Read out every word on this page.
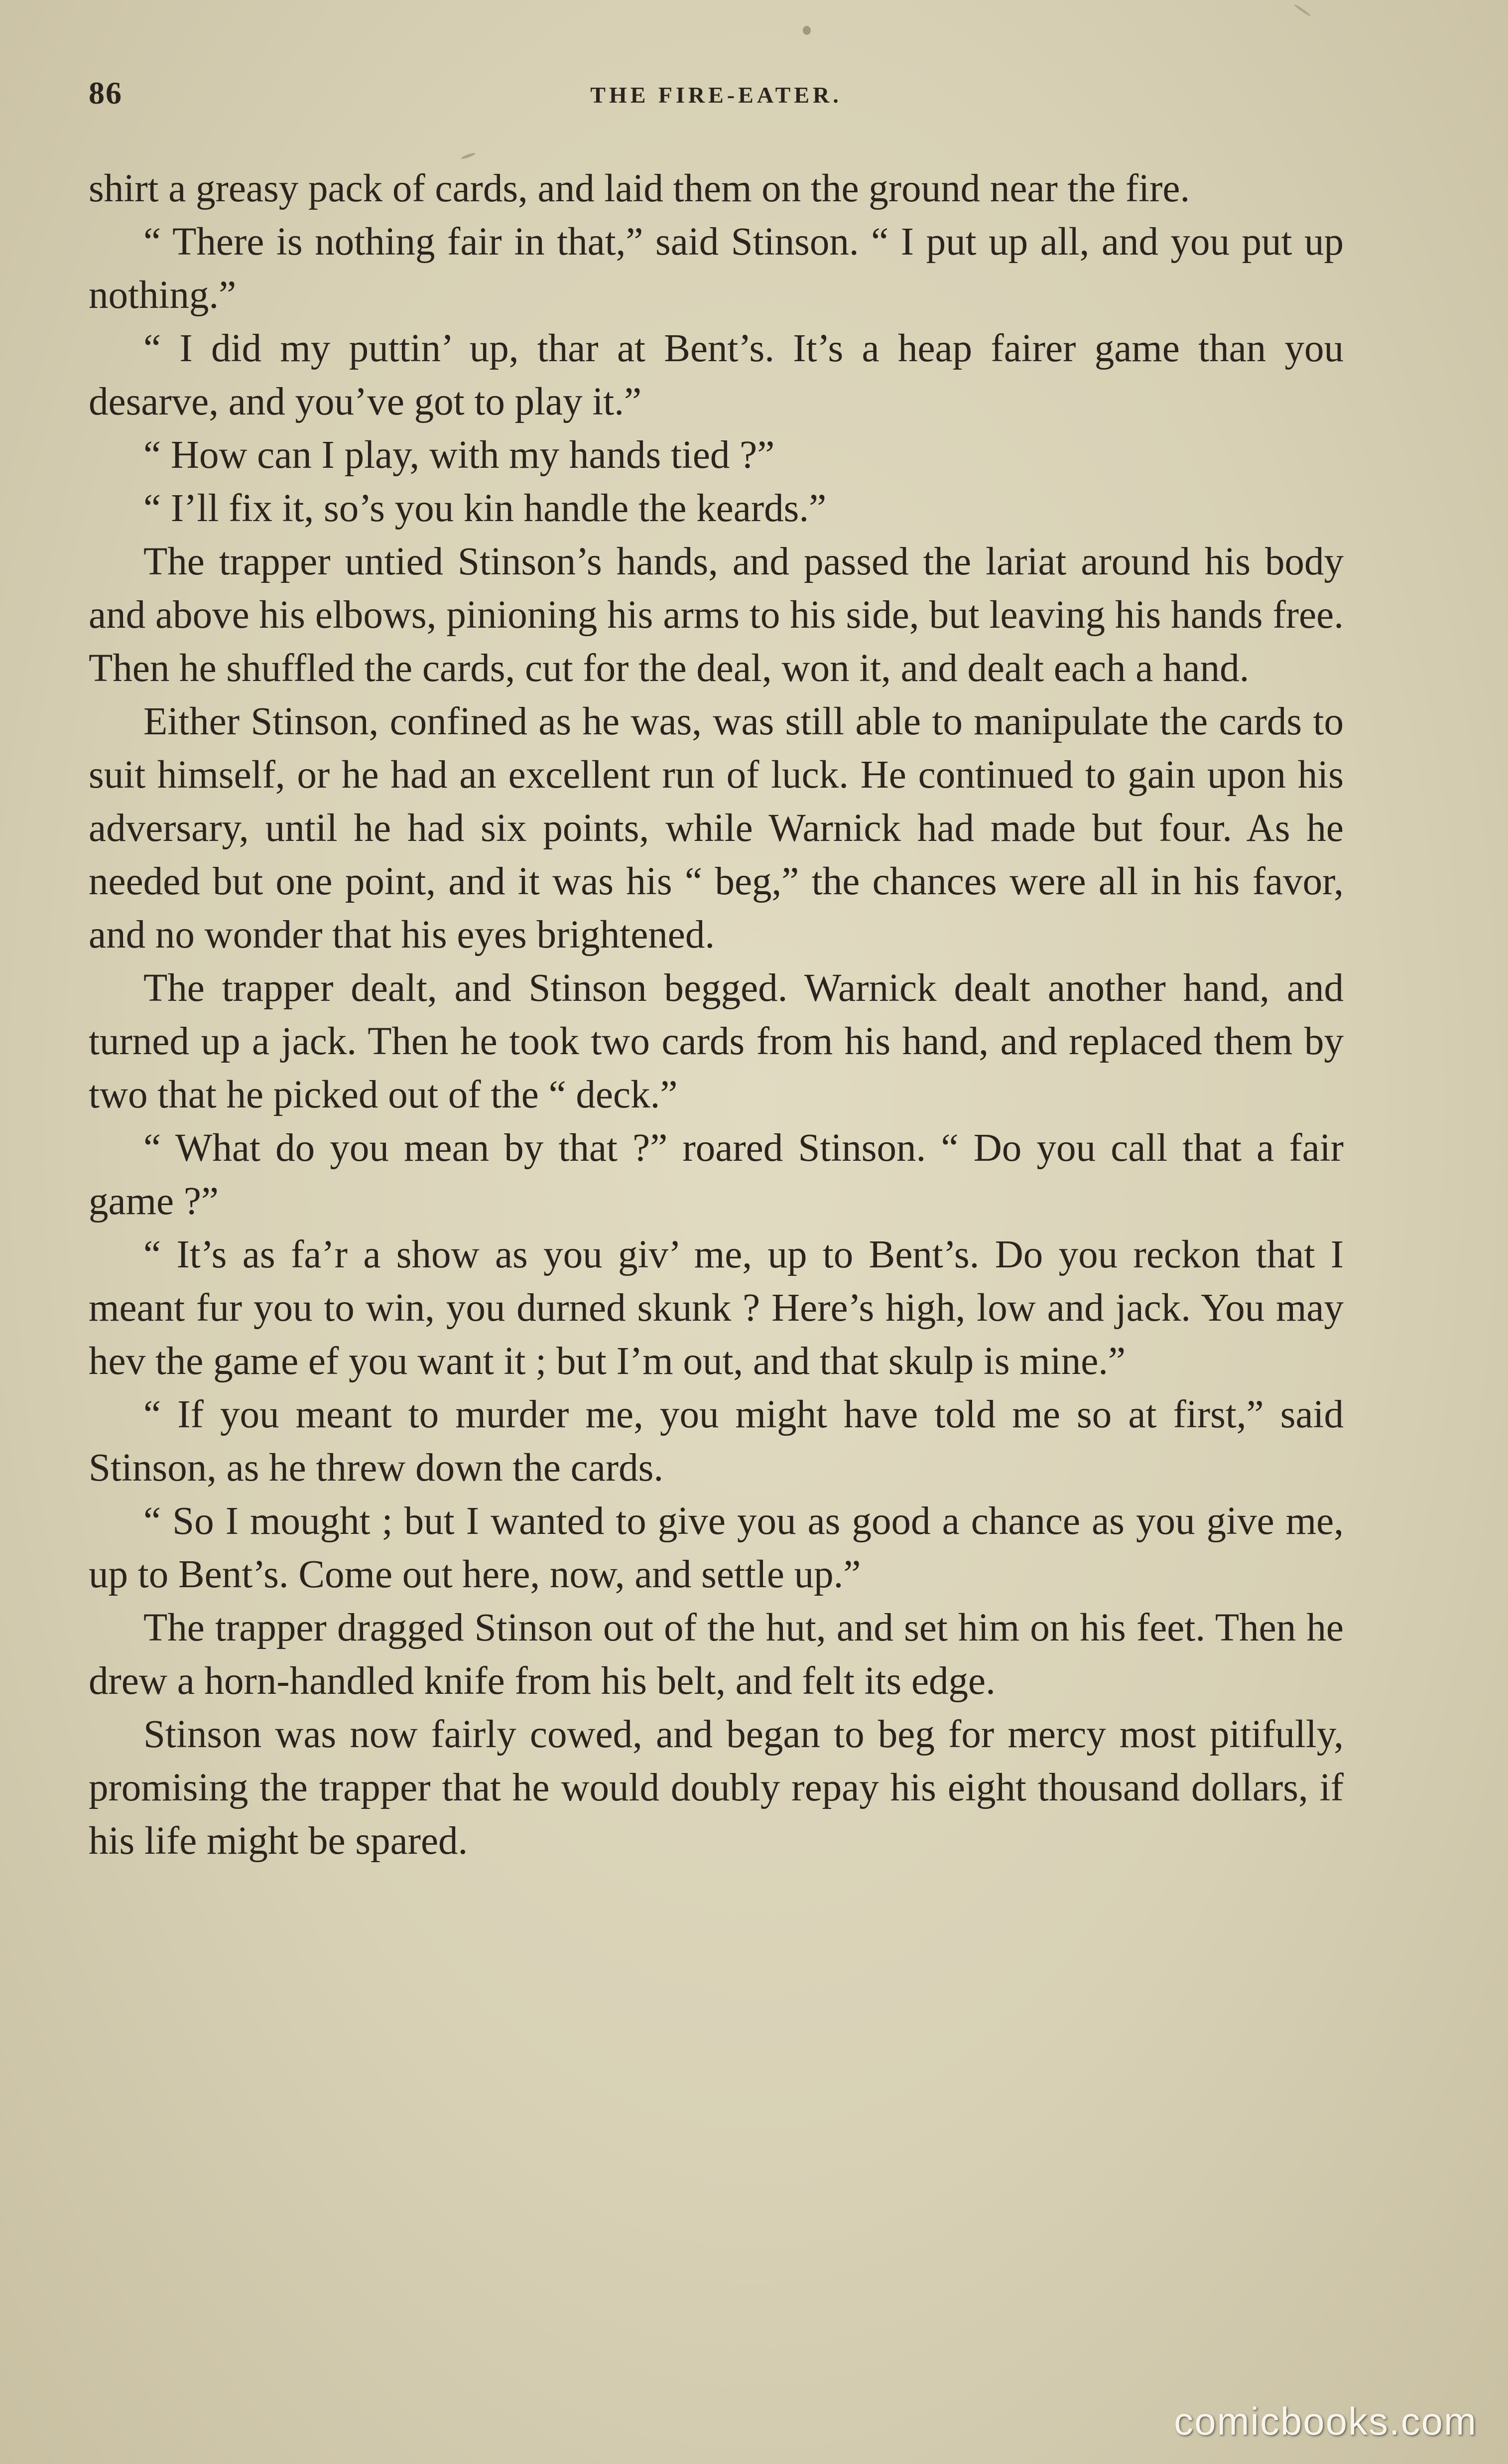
86	THE FIRE-EATER.

shirt a greasy pack of cards, and laid them on the ground near the fire.

“ There is nothing fair in that,” said Stinson. “ I put up all, and you put up nothing.”

“ I did my puttin’ up, thar at Bent’s. It’s a heap fairer game than you desarve, and you’ve got to play it.”

“ How can I play, with my hands tied ?”

“ I’ll fix it, so’s you kin handle the keards.”

The trapper untied Stinson’s hands, and passed the lariat around his body and above his elbows, pinioning his arms to his side, but leaving his hands free. Then he shuffled the cards, cut for the deal, won it, and dealt each a hand.

Either Stinson, confined as he was, was still able to manipulate the cards to suit himself, or he had an excellent run of luck. He continued to gain upon his adversary, until he had six points, while Warnick had made but four. As he needed but one point, and it was his “ beg,” the chances were all in his favor, and no wonder that his eyes brightened.

The trapper dealt, and Stinson begged. Warnick dealt another hand, and turned up a jack. Then he took two cards from his hand, and replaced them by two that he picked out of the “ deck.”

“ What do you mean by that ?” roared Stinson. “ Do you call that a fair game ?”

“ It’s as fa’r a show as you giv’ me, up to Bent’s. Do you reckon that I meant fur you to win, you durned skunk ? Here’s high, low and jack. You may hev the game ef you want it ; but I’m out, and that skulp is mine.”

“ If you meant to murder me, you might have told me so at first,” said Stinson, as he threw down the cards.

“ So I mought ; but I wanted to give you as good a chance as you give me, up to Bent’s. Come out here, now, and settle up.”

The trapper dragged Stinson out of the hut, and set him on his feet. Then he drew a horn-handled knife from his belt, and felt its edge.

Stinson was now fairly cowed, and began to beg for mercy most pitifully, promising the trapper that he would doubly repay his eight thousand dollars, if his life might be spared.

comicbooks.com
